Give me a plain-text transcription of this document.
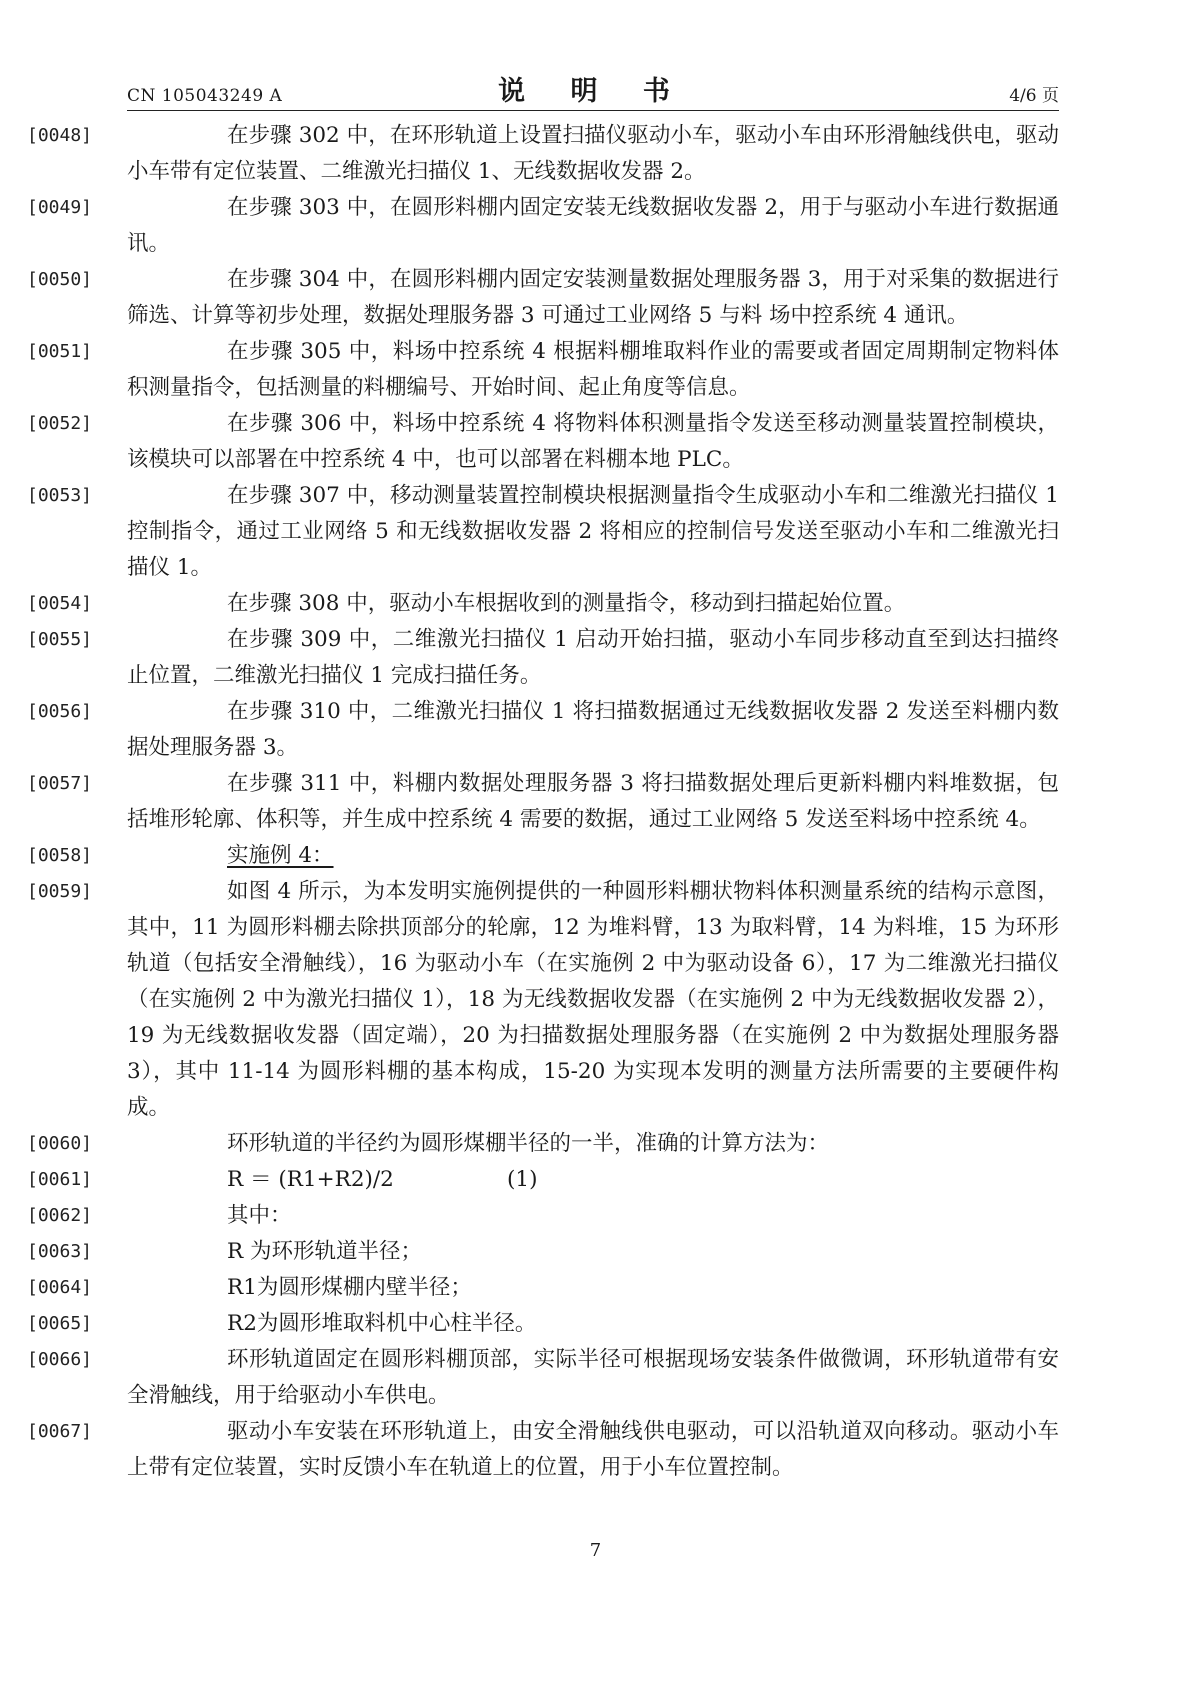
CN 105043249 A	说 明 书	4/6 页
[0048]	在步骤 302 中，在环形轨道上设置扫描仪驱动小车，驱动小车由环形滑触线供电，驱动小车带有定位装置、二维激光扫描仪 1、无线数据收发器 2。
[0049]	在步骤 303 中，在圆形料棚内固定安装无线数据收发器 2，用于与驱动小车进行数据通讯。
[0050]	在步骤 304 中，在圆形料棚内固定安装测量数据处理服务器 3，用于对采集的数据进行筛选、计算等初步处理，数据处理服务器 3 可通过工业网络 5 与料 场中控系统 4 通讯。
[0051]	在步骤 305 中，料场中控系统 4 根据料棚堆取料作业的需要或者固定周期制定物料体积测量指令，包括测量的料棚编号、开始时间、起止角度等信息。
[0052]	在步骤 306 中，料场中控系统 4 将物料体积测量指令发送至移动测量装置控制模块，该模块可以部署在中控系统 4 中，也可以部署在料棚本地 PLC。
[0053]	在步骤 307 中，移动测量装置控制模块根据测量指令生成驱动小车和二维激光扫描仪 1 控制指令，通过工业网络 5 和无线数据收发器 2 将相应的控制信号发送至驱动小车和二维激光扫描仪 1。
[0054]	在步骤 308 中，驱动小车根据收到的测量指令，移动到扫描起始位置。
[0055]	在步骤 309 中，二维激光扫描仪 1 启动开始扫描，驱动小车同步移动直至到达扫描终止位置，二维激光扫描仪 1 完成扫描任务。
[0056]	在步骤 310 中，二维激光扫描仪 1 将扫描数据通过无线数据收发器 2 发送至料棚内数据处理服务器 3。
[0057]	在步骤 311 中，料棚内数据处理服务器 3 将扫描数据处理后更新料棚内料堆数据，包括堆形轮廓、体积等，并生成中控系统 4 需要的数据，通过工业网络 5 发送至料场中控系统 4。
[0058]	实施例 4：
[0059]	如图 4 所示，为本发明实施例提供的一种圆形料棚状物料体积测量系统的结构示意图，其中，11 为圆形料棚去除拱顶部分的轮廓，12 为堆料臂，13 为取料臂，14 为料堆，15 为环形轨道（包括安全滑触线），16 为驱动小车（在实施例 2 中为驱动设备 6），17 为二维激光扫描仪（在实施例 2 中为激光扫描仪 1），18 为无线数据收发器（在实施例 2 中为无线数据收发器 2），19 为无线数据收发器（固定端），20 为扫描数据处理服务器（在实施例 2 中为数据处理服务器 3），其中 11-14 为圆形料棚的基本构成，15-20 为实现本发明的测量方法所需要的主要硬件构成。
[0060]	环形轨道的半径约为圆形煤棚半径的一半，准确的计算方法为：
[0061]	R ＝ (R1+R2)/2	(1)
[0062]	其中：
[0063]	R 为环形轨道半径；
[0064]	R1为圆形煤棚内壁半径；
[0065]	R2为圆形堆取料机中心柱半径。
[0066]	环形轨道固定在圆形料棚顶部，实际半径可根据现场安装条件做微调，环形轨道带有安全滑触线，用于给驱动小车供电。
[0067]	驱动小车安装在环形轨道上，由安全滑触线供电驱动，可以沿轨道双向移动。驱动小车上带有定位装置，实时反馈小车在轨道上的位置，用于小车位置控制。
7
